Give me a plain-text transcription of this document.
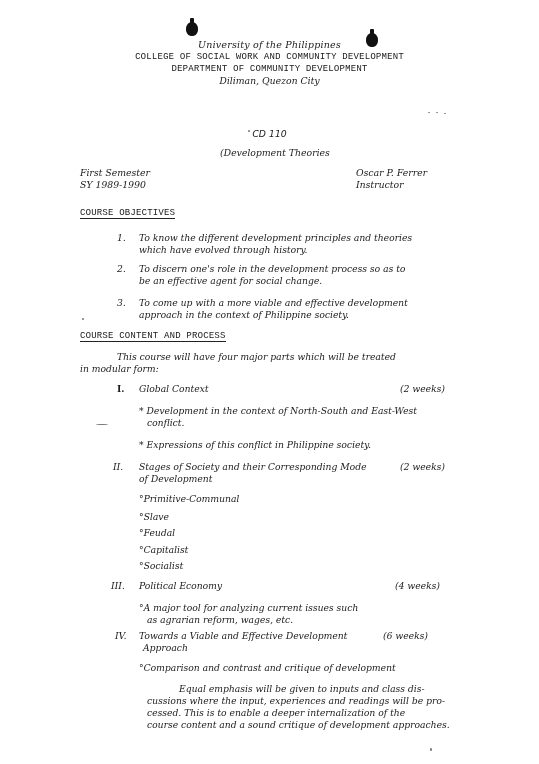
University of the Philippines
COLLEGE OF SOCIAL WORK AND COMMUNITY DEVELOPMENT
DEPARTMENT OF COMMUNITY DEVELOPMENT
Diliman, Quezon City
CD 110
(Development Theories
First Semester
SY 1989-1990
Oscar P. Ferrer
Instructor
COURSE OBJECTIVES
1. To know the different development principles and theories
which have evolved through history.
2. To discern one's role in the development process so as to
be an effective agent for social change.
3. To come up with a more viable and effective development
approach in the context of Philippine society.
COURSE CONTENT AND PROCESS
This course will have four major parts which will be treated
in modular form:
I. Global Context	(2 weeks)
* Development in the context of North-South and East-West
conflict.
* Expressions of this conflict in Philippine society.
II. Stages of Society and their Corresponding Mode
of Development
(2 weeks)
°Primitive-Communal
°Slave
°Feudal
°Capitalist
°Socialist
III. Political Economy	(4 weeks)
°A major tool for analyzing current issues such
as agrarian reform, wages, etc.
IV. Towards a Viable and Effective Development
Approach
(6 weeks)
°Comparison and contrast and critique of development
Equal emphasis will be given to inputs and class dis-
cussions where the input, experiences and readings will be pro-
cessed. This is to enable a deeper internalization of the
course content and a sound critique of development approaches.
